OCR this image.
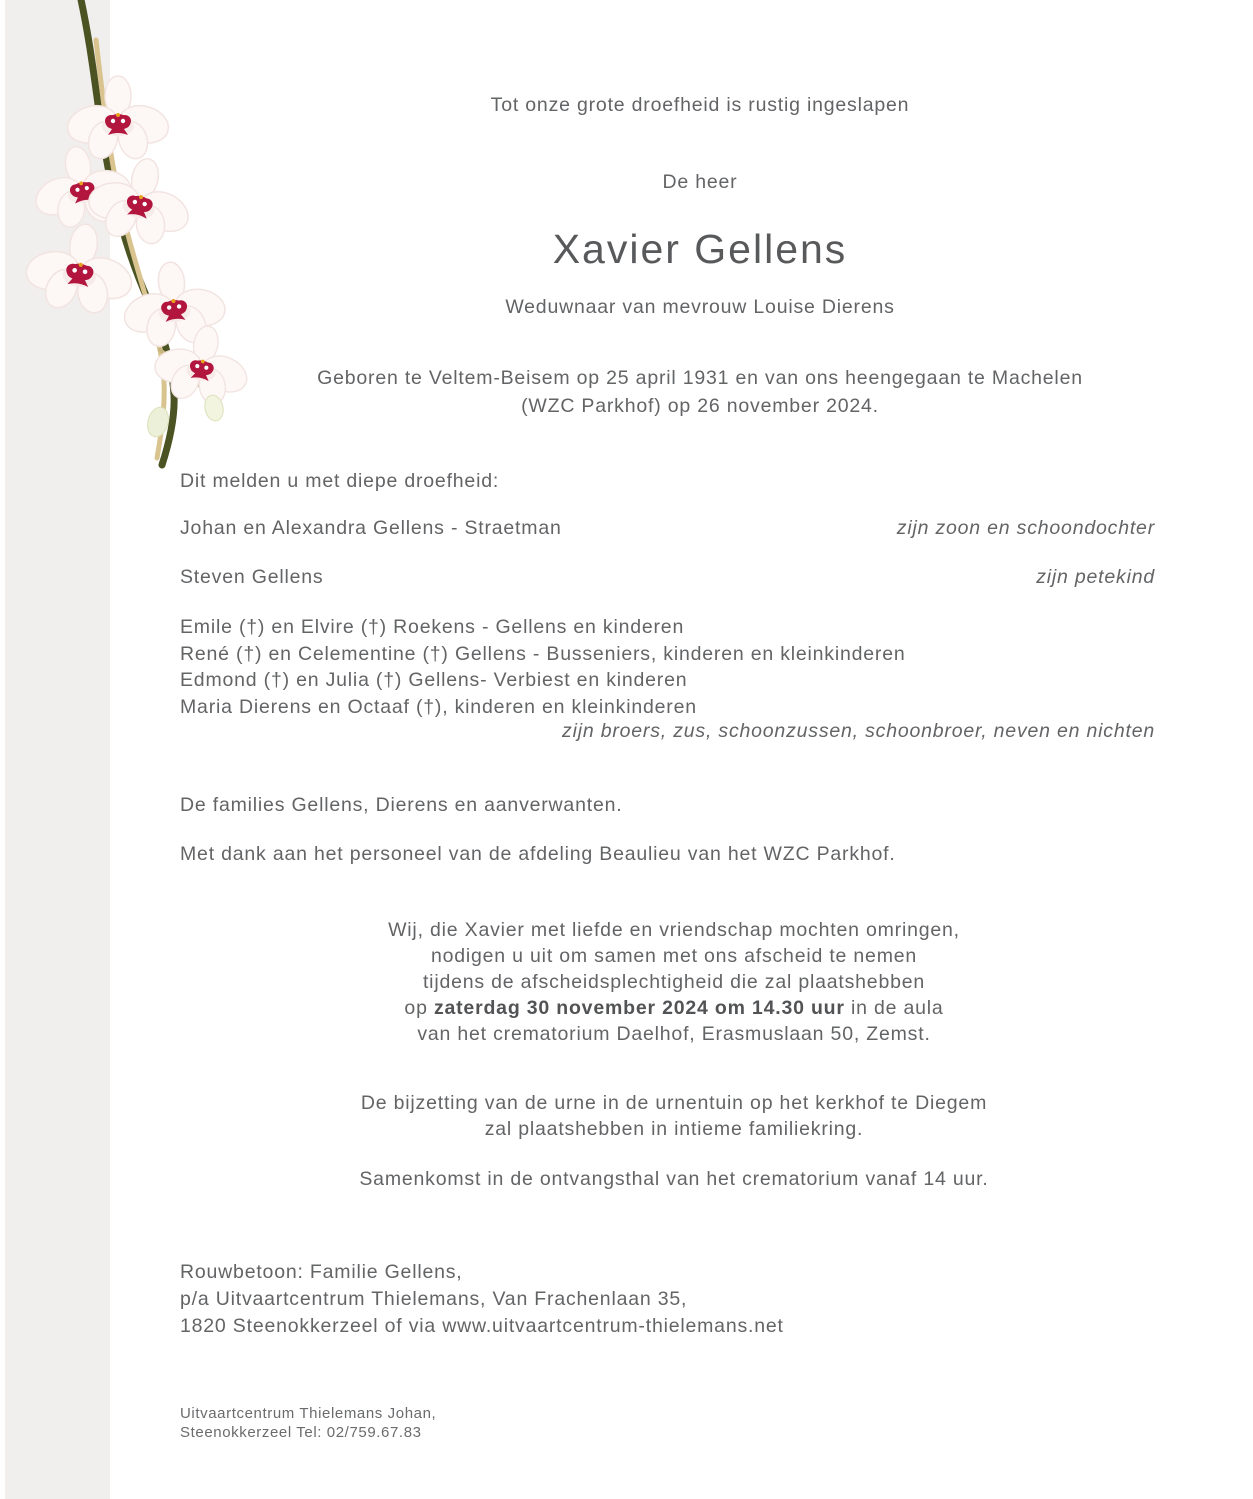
Tot onze grote droefheid is rustig ingeslapen
De heer
Xavier Gellens
Weduwnaar van mevrouw Louise Dierens
Geboren te Veltem-Beisem op 25 april 1931 en van ons heengegaan te Machelen
(WZC Parkhof) op 26 november 2024.
Dit melden u met diepe droefheid:
Johan en Alexandra Gellens - Straetman	zijn zoon en schoondochter
Steven Gellens	zijn petekind
Emile (†) en Elvire (†) Roekens - Gellens en kinderen
René (†) en Celementine (†) Gellens - Busseniers, kinderen en kleinkinderen
Edmond (†) en Julia (†) Gellens- Verbiest en kinderen
Maria Dierens en Octaaf (†), kinderen en kleinkinderen
zijn broers, zus, schoonzussen, schoonbroer, neven en nichten
De families Gellens, Dierens en aanverwanten.
Met dank aan het personeel van de afdeling Beaulieu van het WZC Parkhof.
Wij, die Xavier met liefde en vriendschap mochten omringen,
nodigen u uit om samen met ons afscheid te nemen
tijdens de afscheidsplechtigheid die zal plaatshebben
op zaterdag 30 november 2024 om 14.30 uur in de aula
van het crematorium Daelhof, Erasmuslaan 50, Zemst.
De bijzetting van de urne in de urnentuin op het kerkhof te Diegem
zal plaatshebben in intieme familiekring.
Samenkomst in de ontvangsthal van het crematorium vanaf 14 uur.
Rouwbetoon: Familie Gellens,
p/a Uitvaartcentrum Thielemans, Van Frachenlaan 35,
1820 Steenokkerzeel of via www.uitvaartcentrum-thielemans.net
Uitvaartcentrum Thielemans Johan,
Steenokkerzeel Tel: 02/759.67.83
